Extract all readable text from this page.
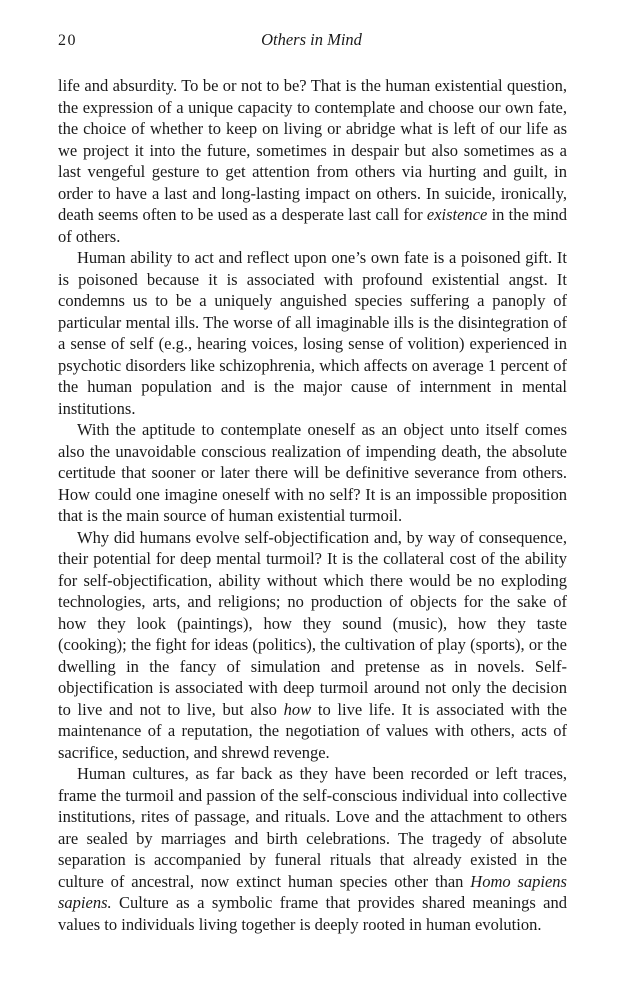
20	Others in Mind

life and absurdity. To be or not to be? That is the human existential question, the expression of a unique capacity to contemplate and choose our own fate, the choice of whether to keep on living or abridge what is left of our life as we project it into the future, sometimes in despair but also sometimes as a last vengeful gesture to get attention from others via hurting and guilt, in order to have a last and long-lasting impact on others. In suicide, ironically, death seems often to be used as a desperate last call for existence in the mind of others.

Human ability to act and reflect upon one’s own fate is a poisoned gift. It is poisoned because it is associated with profound existential angst. It condemns us to be a uniquely anguished species suffering a panoply of particular mental ills. The worse of all imaginable ills is the disintegration of a sense of self (e.g., hearing voices, losing sense of volition) experienced in psychotic disorders like schizophrenia, which affects on average 1 percent of the human population and is the major cause of internment in mental institutions.

With the aptitude to contemplate oneself as an object unto itself comes also the unavoidable conscious realization of impending death, the absolute certitude that sooner or later there will be definitive severance from others. How could one imagine oneself with no self? It is an impossible proposition that is the main source of human existential turmoil.

Why did humans evolve self-objectification and, by way of consequence, their potential for deep mental turmoil? It is the collateral cost of the ability for self-objectification, ability without which there would be no exploding technologies, arts, and religions; no production of objects for the sake of how they look (paintings), how they sound (music), how they taste (cooking); the fight for ideas (politics), the cultivation of play (sports), or the dwelling in the fancy of simulation and pretense as in novels. Self-objectification is associated with deep turmoil around not only the decision to live and not to live, but also how to live life. It is associated with the maintenance of a reputation, the negotiation of values with others, acts of sacrifice, seduction, and shrewd revenge.

Human cultures, as far back as they have been recorded or left traces, frame the turmoil and passion of the self-conscious individual into collective institutions, rites of passage, and rituals. Love and the attachment to others are sealed by marriages and birth celebrations. The tragedy of absolute separation is accompanied by funeral rituals that already existed in the culture of ancestral, now extinct human species other than Homo sapiens sapiens. Culture as a symbolic frame that provides shared meanings and values to individuals living together is deeply rooted in human evolution.
